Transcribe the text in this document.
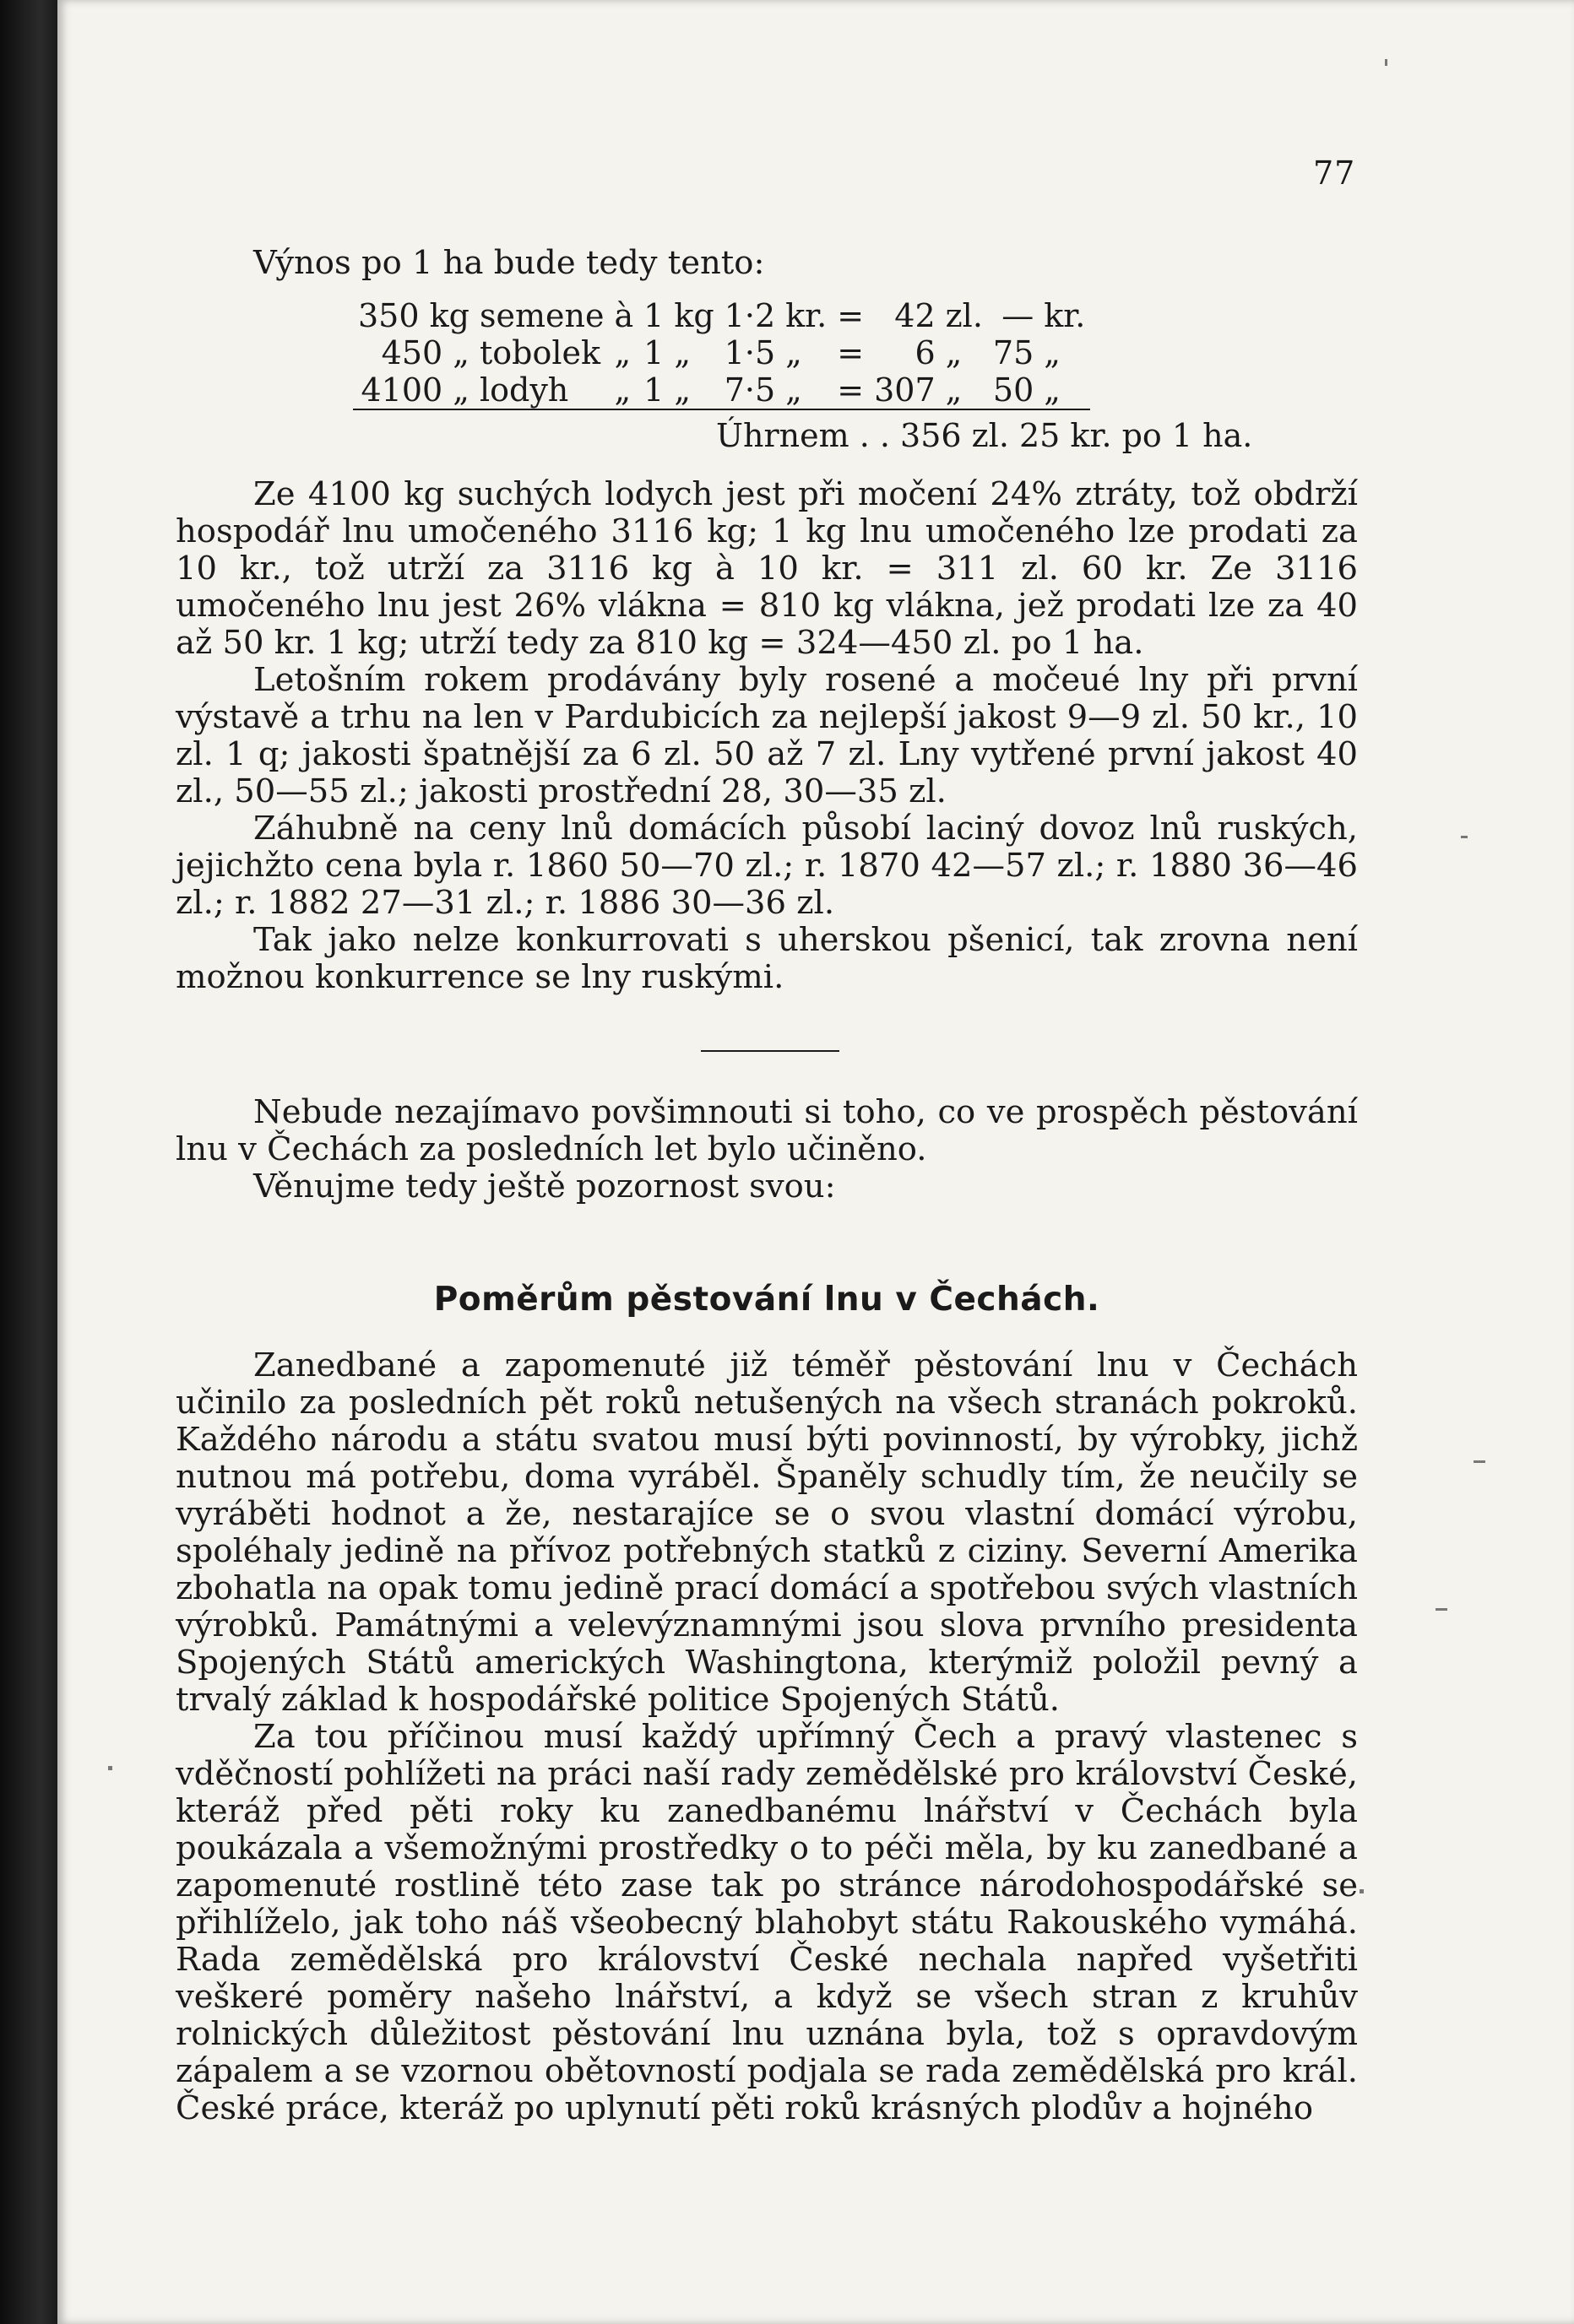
77

Výnos po 1 ha bude tedy tento:

350 kg	semene	à	1 kg	1·2	kr.	=	42	zl.	—	kr.
450 „	tobolek	„	1 „	1·5	„	=	6	„	75	„
4100 „	lodyh	„	1 „	7·5	„	=	307	„	50	„

Úhrnem . . 356 zl. 25 kr. po 1 ha.

Ze 4100 kg suchých lodych jest při močení 24% ztráty, tož obdrží hospodář lnu umočeného 3116 kg; 1 kg lnu umočeného lze prodati za 10 kr., tož utrží za 3116 kg à 10 kr. = 311 zl. 60 kr. Ze 3116 umočeného lnu jest 26% vlákna = 810 kg vlákna, jež prodati lze za 40 až 50 kr. 1 kg; utrží tedy za 810 kg = 324—450 zl. po 1 ha.

Letošním rokem prodávány byly rosené a močeué lny při první výstavě a trhu na len v Pardubicích za nejlepší jakost 9—9 zl. 50 kr., 10 zl. 1 q; jakosti špatnější za 6 zl. 50 až 7 zl. Lny vytřené první jakost 40 zl., 50—55 zl.; jakosti prostřední 28, 30—35 zl.

Záhubně na ceny lnů domácích působí laciný dovoz lnů ruských, jejichžto cena byla r. 1860 50—70 zl.; r. 1870 42—57 zl.; r. 1880 36—46 zl.; r. 1882 27—31 zl.; r. 1886 30—36 zl.

Tak jako nelze konkurrovati s uherskou pšenicí, tak zrovna není možnou konkurrence se lny ruskými.

Nebude nezajímavo povšimnouti si toho, co ve prospěch pěstování lnu v Čechách za posledních let bylo učiněno.

Věnujme tedy ještě pozornost svou:

Poměrům pěstování lnu v Čechách.

Zanedbané a zapomenuté již téměř pěstování lnu v Čechách učinilo za posledních pět roků netušených na všech stranách pokroků. Každého národu a státu svatou musí býti povinností, by výrobky, jichž nutnou má potřebu, doma vyráběl. Španěly schudly tím, že neučily se vyráběti hodnot a že, nestarajíce se o svou vlastní domácí výrobu, spoléhaly jedině na přívoz potřebných statků z ciziny. Severní Amerika zbohatla na opak tomu jedině prací domácí a spotřebou svých vlastních výrobků. Památnými a velevýznamnými jsou slova prvního presidenta Spojených Států amerických Washingtona, kterýmiž položil pevný a trvalý základ k hospodářské politice Spojených Států.

Za tou příčinou musí každý upřímný Čech a pravý vlastenec s vděčností pohlížeti na práci naší rady zemědělské pro království České, kteráž před pěti roky ku zanedbanému lnářství v Čechách byla poukázala a všemožnými prostředky o to péči měla, by ku zanedbané a zapomenuté rostlině této zase tak po stránce národohospodářské se přihlíželo, jak toho náš všeobecný blahobyt státu Rakouského vymáhá. Rada zemědělská pro království České nechala napřed vyšetřiti veškeré poměry našeho lnářství, a když se všech stran z kruhův rolnických důležitost pěstování lnu uznána byla, tož s opravdovým zápalem a se vzornou obětovností podjala se rada zemědělská pro král. České práce, kteráž po uplynutí pěti roků krásných plodův a hojného
